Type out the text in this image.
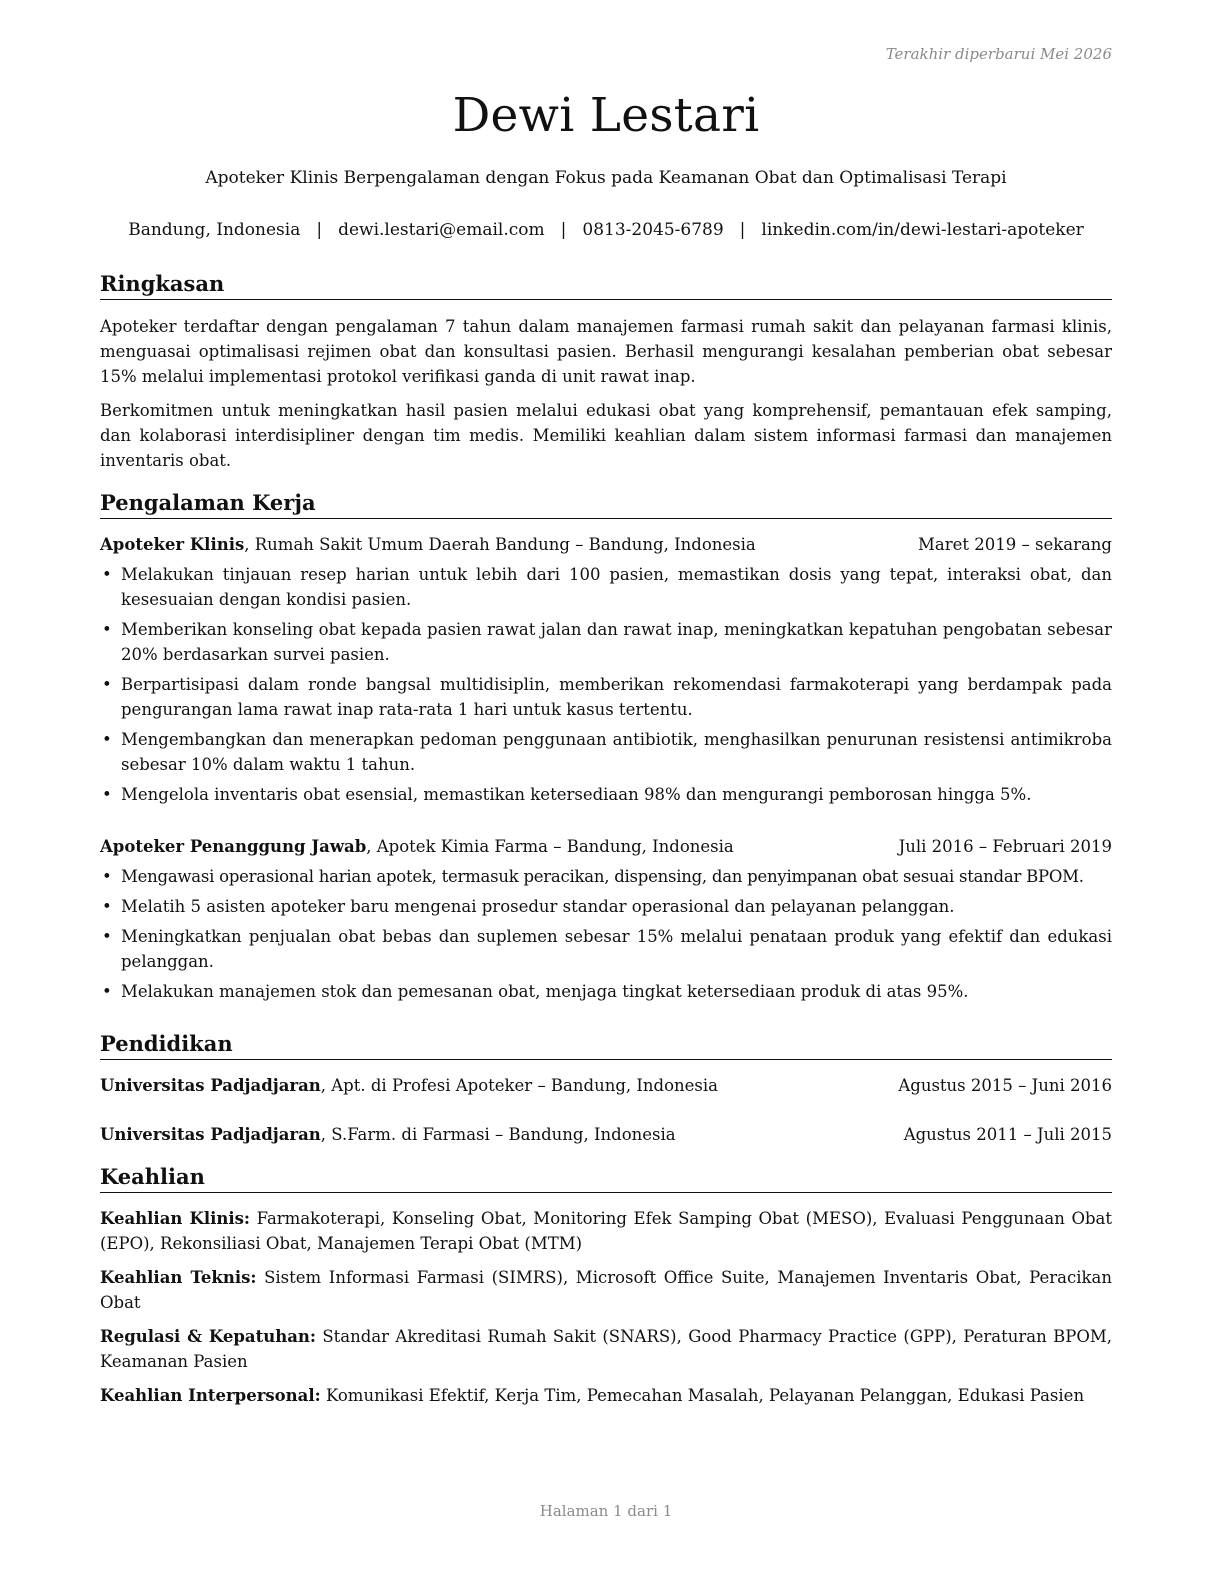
Terakhir diperbarui Mei 2026
Dewi Lestari
Apoteker Klinis Berpengalaman dengan Fokus pada Keamanan Obat dan Optimalisasi Terapi
Bandung, Indonesia | dewi.lestari@email.com | 0813-2045-6789 | linkedin.com/in/dewi-lestari-apoteker
Ringkasan
Apoteker terdaftar dengan pengalaman 7 tahun dalam manajemen farmasi rumah sakit dan pelayanan farmasi klinis, menguasai optimalisasi rejimen obat dan konsultasi pasien. Berhasil mengurangi kesalahan pemberian obat sebesar 15% melalui implementasi protokol verifikasi ganda di unit rawat inap.
Berkomitmen untuk meningkatkan hasil pasien melalui edukasi obat yang komprehensif, pemantauan efek samping, dan kolaborasi interdisipliner dengan tim medis. Memiliki keahlian dalam sistem informasi farmasi dan manajemen inventaris obat.
Pengalaman Kerja
Apoteker Klinis, Rumah Sakit Umum Daerah Bandung – Bandung, Indonesia	Maret 2019 – sekarang
• Melakukan tinjauan resep harian untuk lebih dari 100 pasien, memastikan dosis yang tepat, interaksi obat, dan kesesuaian dengan kondisi pasien.
• Memberikan konseling obat kepada pasien rawat jalan dan rawat inap, meningkatkan kepatuhan pengobatan sebesar 20% berdasarkan survei pasien.
• Berpartisipasi dalam ronde bangsal multidisiplin, memberikan rekomendasi farmakoterapi yang berdampak pada pengurangan lama rawat inap rata-rata 1 hari untuk kasus tertentu.
• Mengembangkan dan menerapkan pedoman penggunaan antibiotik, menghasilkan penurunan resistensi antimikroba sebesar 10% dalam waktu 1 tahun.
• Mengelola inventaris obat esensial, memastikan ketersediaan 98% dan mengurangi pemborosan hingga 5%.
Apoteker Penanggung Jawab, Apotek Kimia Farma – Bandung, Indonesia	Juli 2016 – Februari 2019
• Mengawasi operasional harian apotek, termasuk peracikan, dispensing, dan penyimpanan obat sesuai standar BPOM.
• Melatih 5 asisten apoteker baru mengenai prosedur standar operasional dan pelayanan pelanggan.
• Meningkatkan penjualan obat bebas dan suplemen sebesar 15% melalui penataan produk yang efektif dan edukasi pelanggan.
• Melakukan manajemen stok dan pemesanan obat, menjaga tingkat ketersediaan produk di atas 95%.
Pendidikan
Universitas Padjadjaran, Apt. di Profesi Apoteker – Bandung, Indonesia	Agustus 2015 – Juni 2016
Universitas Padjadjaran, S.Farm. di Farmasi – Bandung, Indonesia	Agustus 2011 – Juli 2015
Keahlian
Keahlian Klinis: Farmakoterapi, Konseling Obat, Monitoring Efek Samping Obat (MESO), Evaluasi Penggunaan Obat (EPO), Rekonsiliasi Obat, Manajemen Terapi Obat (MTM)
Keahlian Teknis: Sistem Informasi Farmasi (SIMRS), Microsoft Office Suite, Manajemen Inventaris Obat, Peracikan Obat
Regulasi & Kepatuhan: Standar Akreditasi Rumah Sakit (SNARS), Good Pharmacy Practice (GPP), Peraturan BPOM, Keamanan Pasien
Keahlian Interpersonal: Komunikasi Efektif, Kerja Tim, Pemecahan Masalah, Pelayanan Pelanggan, Edukasi Pasien
Halaman 1 dari 1
